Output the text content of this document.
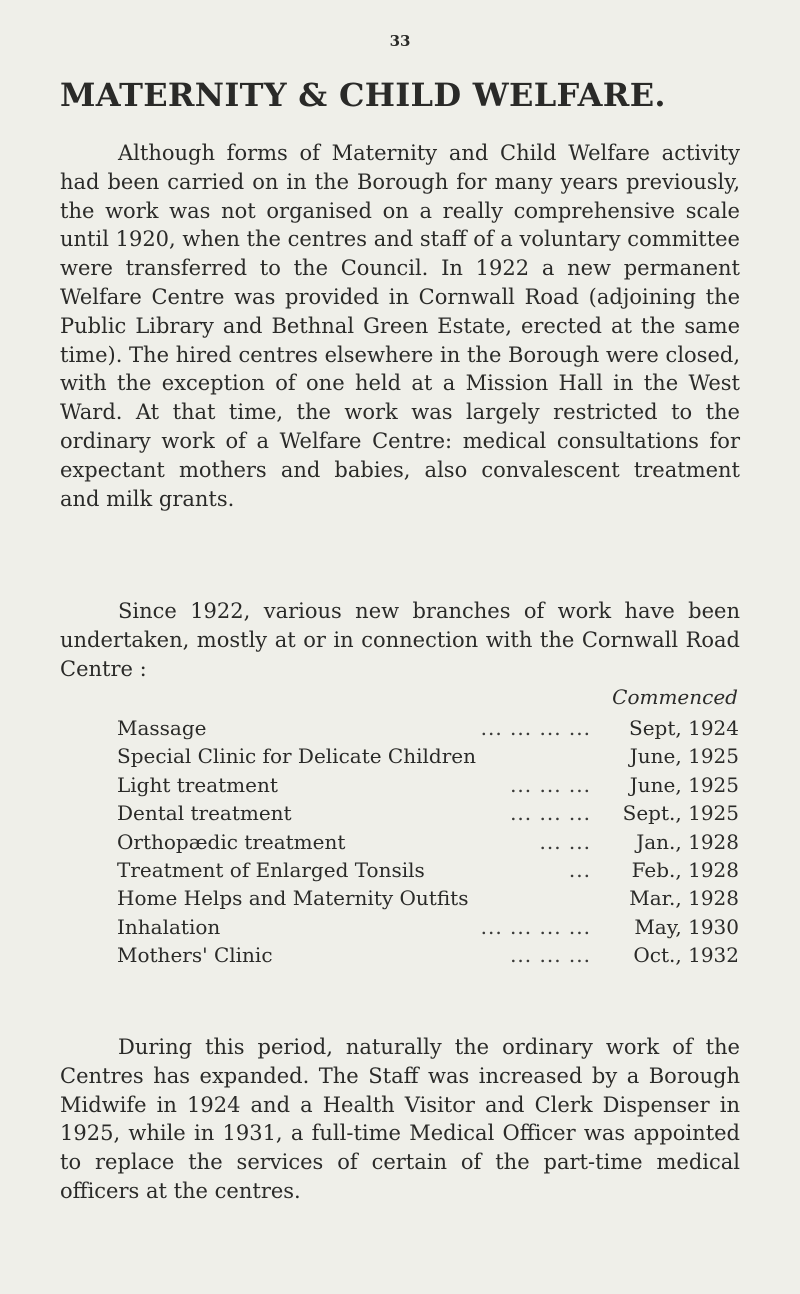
33
MATERNITY & CHILD WELFARE.

Although forms of Maternity and Child Welfare activity had been carried on in the Borough for many years previously, the work was not organised on a really comprehensive scale until 1920, when the centres and staff of a voluntary committee were transferred to the Council. In 1922 a new permanent Welfare Centre was provided in Cornwall Road (adjoining the Public Library and Bethnal Green Estate, erected at the same time). The hired centres elsewhere in the Borough were closed, with the exception of one held at a Mission Hall in the West Ward. At that time, the work was largely restricted to the ordinary work of a Welfare Centre: medical consultations for expectant mothers and babies, also convalescent treatment and milk grants.

Since 1922, various new branches of work have been undertaken, mostly at or in connection with the Cornwall Road Centre :

Commenced
Massage	... ... ... ...	Sept, 1924
Special Clinic for Delicate Children	June, 1925
Light treatment	... ... ...	June, 1925
Dental treatment	... ... ...	Sept., 1925
Orthopædic treatment	... ...	Jan., 1928
Treatment of Enlarged Tonsils	...	Feb., 1928
Home Helps and Maternity Outfits	Mar., 1928
Inhalation	... ... ... ...	May, 1930
Mothers' Clinic	... ... ...	Oct., 1932

During this period, naturally the ordinary work of the Centres has expanded. The Staff was increased by a Borough Midwife in 1924 and a Health Visitor and Clerk Dispenser in 1925, while in 1931, a full-time Medical Officer was appointed to replace the services of certain of the part-time medical officers at the centres.
